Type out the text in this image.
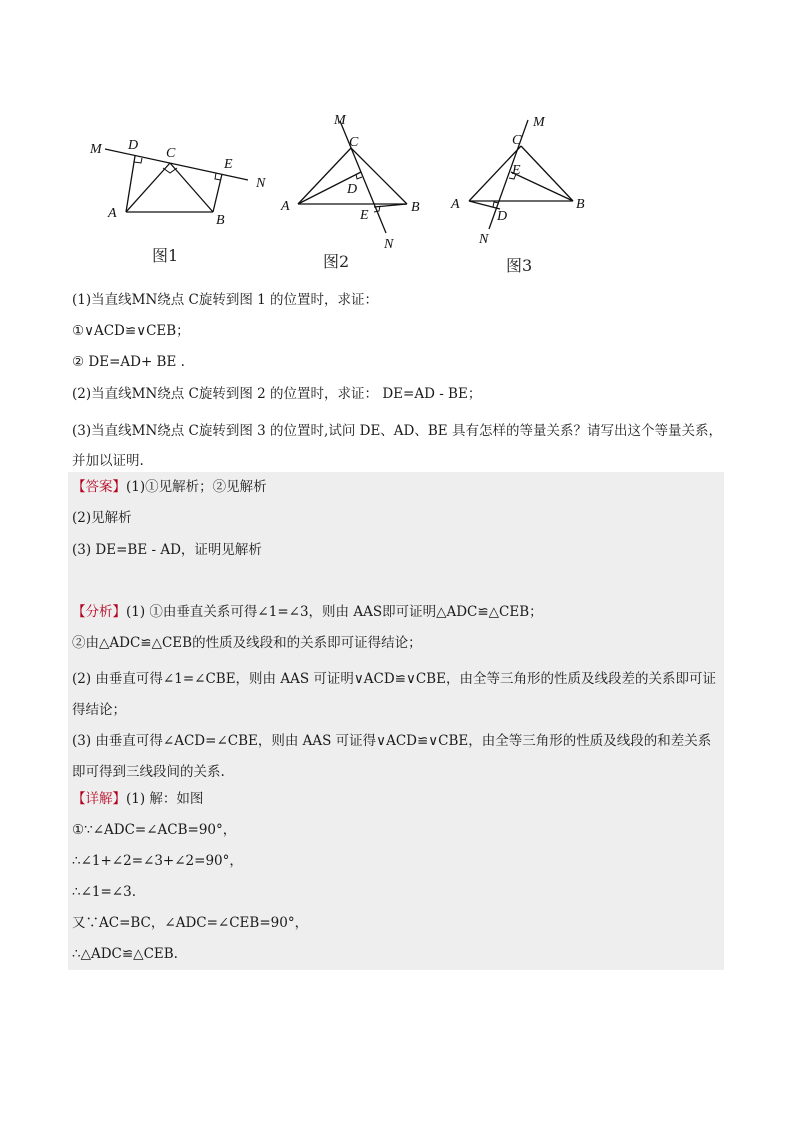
M D
C
E
N
A	B
图1
M
C
D
A
E
B
N
图2
C
M
E
A
D
B
N
图3
(1)当直线MN绕点 C旋转到图 1 的位置时，求证：
①∨ACD≌∨CEB；
② DE=AD+ BE .
(2)当直线MN绕点 C旋转到图 2 的位置时，求证： DE=AD - BE；
(3)当直线MN绕点 C旋转到图 3 的位置时,试问 DE、AD、BE 具有怎样的等量关系？请写出这个等量关系，并加以证明.
【答案】(1)①见解析；②见解析
(2)见解析
(3) DE=BE - AD，证明见解析
【分析】(1) ①由垂直关系可得∠1=∠3，则由 AAS即可证明△ADC≌△CEB；
②由△ADC≌△CEB的性质及线段和的关系即可证得结论；
(2) 由垂直可得∠1=∠CBE，则由 AAS 可证明∨ACD≌∨CBE，由全等三角形的性质及线段差的关系即可证得结论；
(3) 由垂直可得∠ACD=∠CBE，则由 AAS 可证得∨ACD≌∨CBE，由全等三角形的性质及线段的和差关系即可得到三线段间的关系.
【详解】(1) 解：如图
①∵∠ADC=∠ACB=90°，
∴∠1+∠2=∠3+∠2=90°，
∴∠1=∠3.
又∵AC=BC，∠ADC=∠CEB=90°，
∴△ADC≌△CEB.
